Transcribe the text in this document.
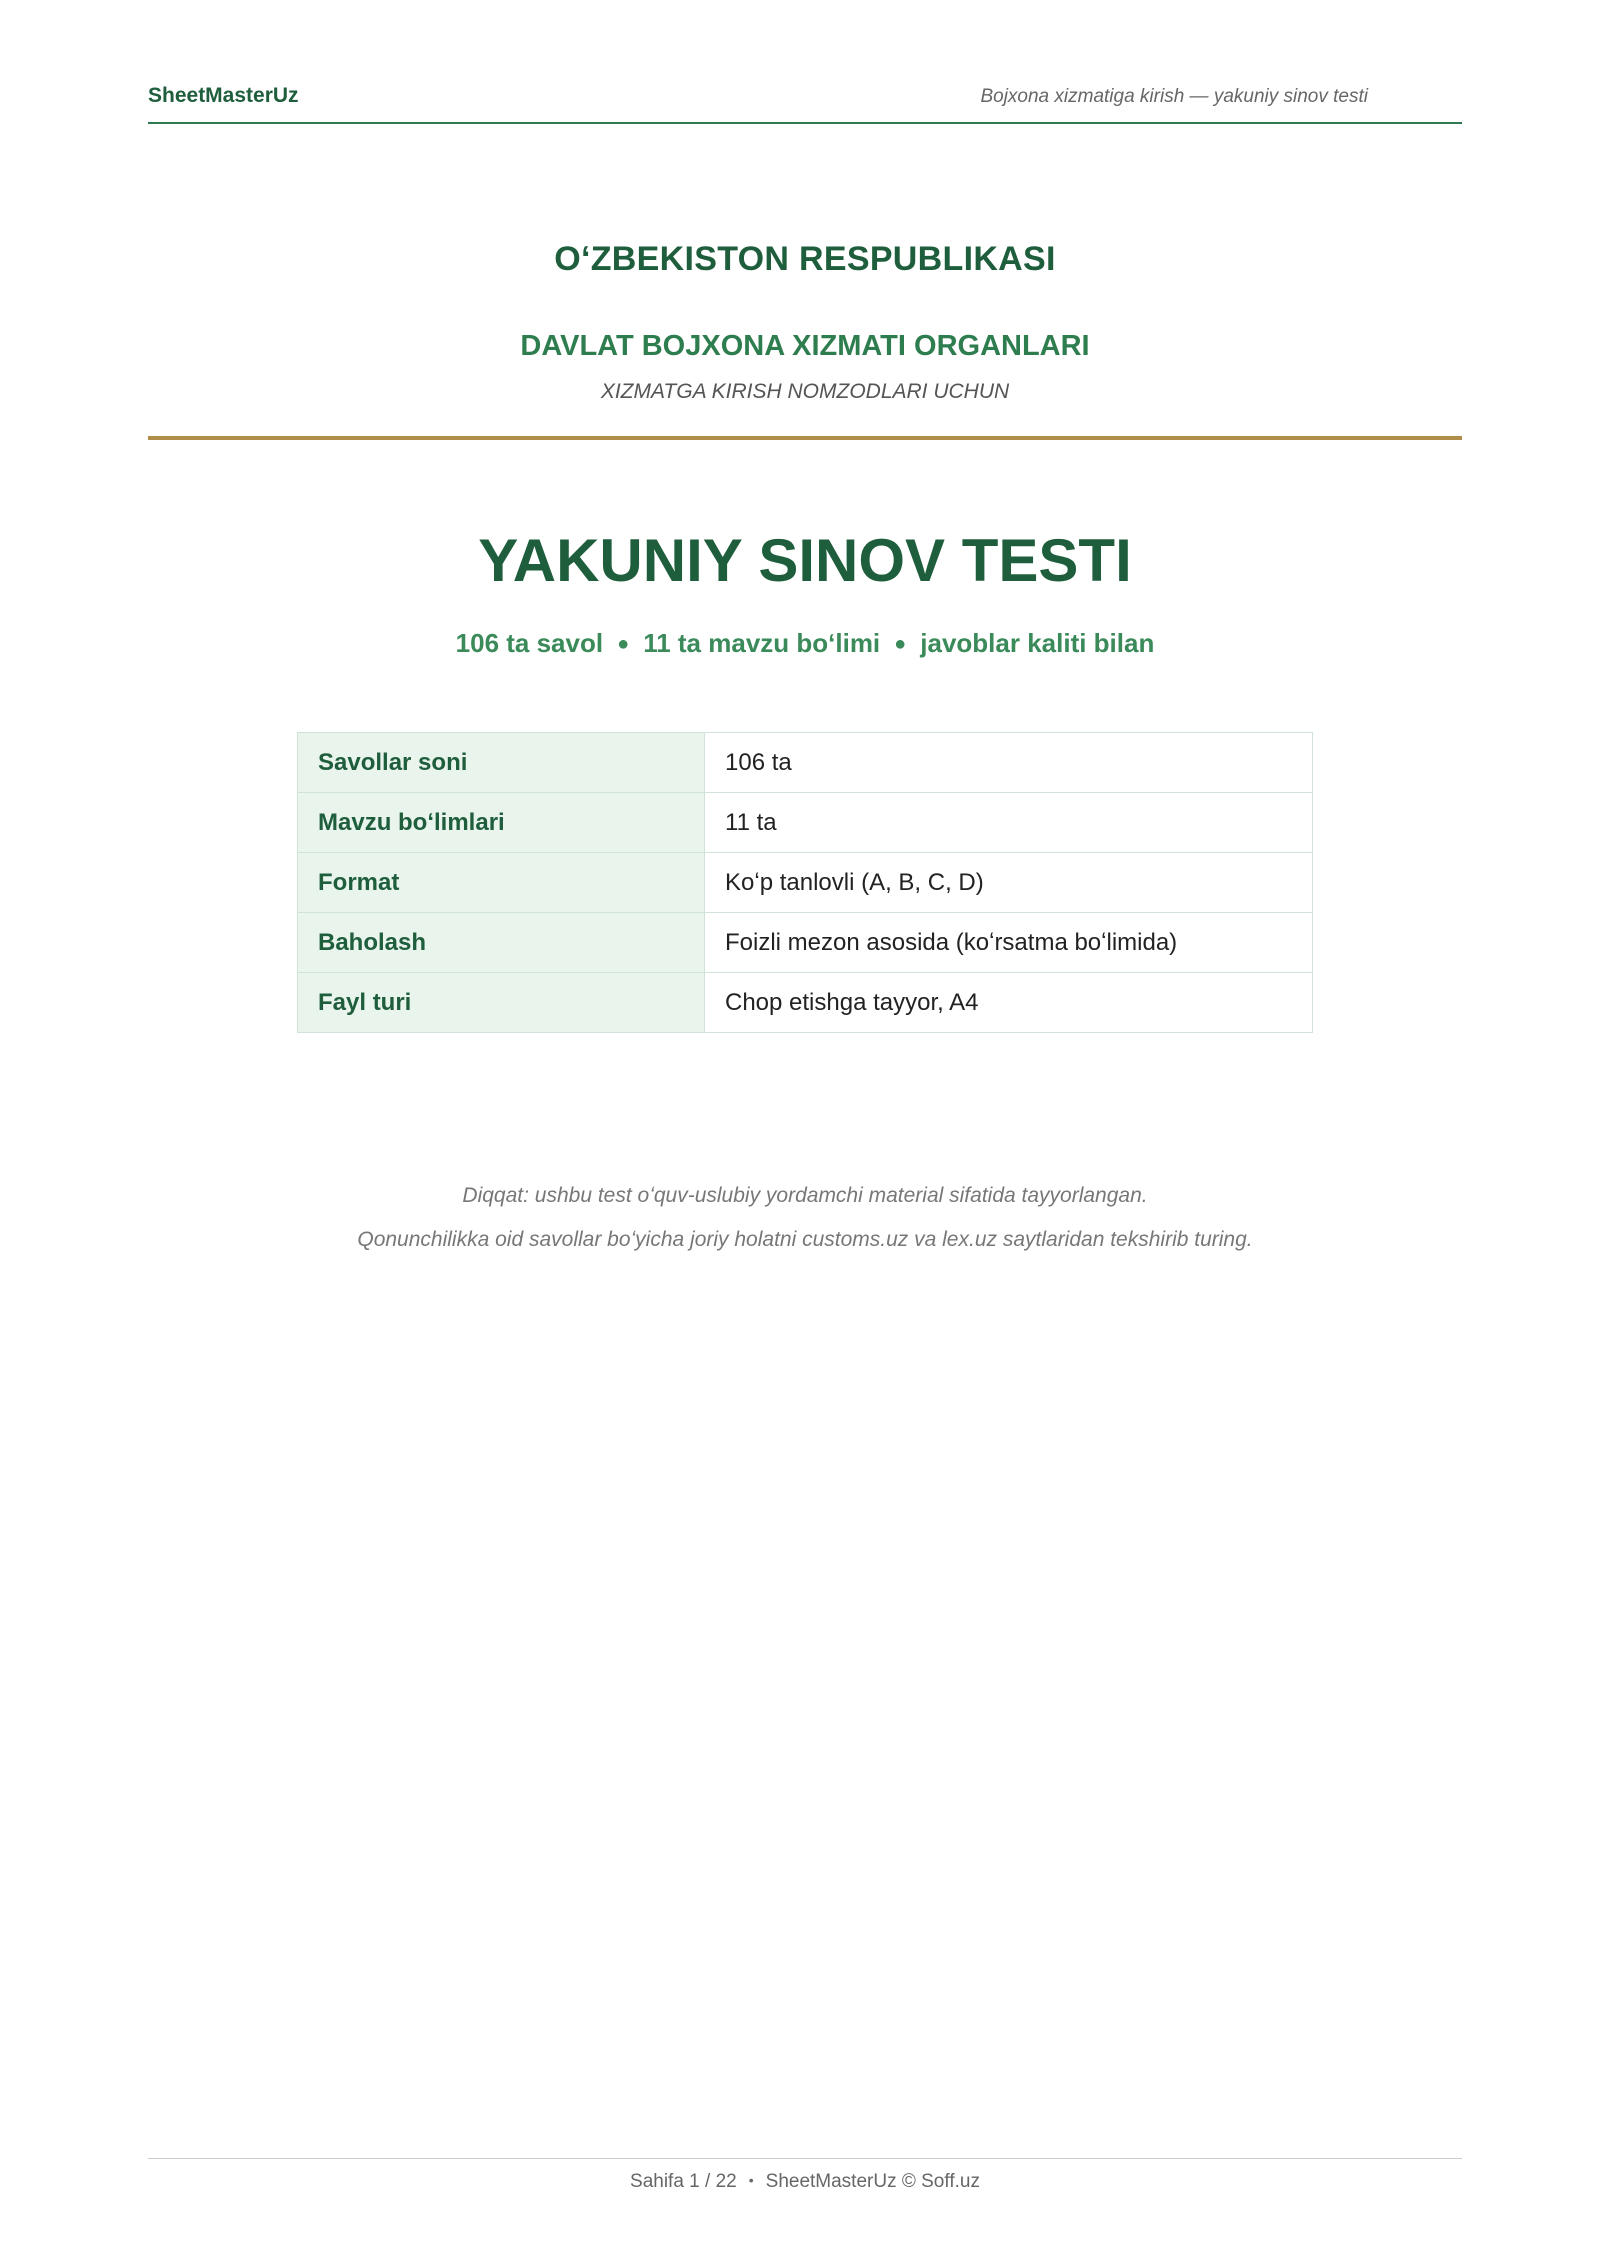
SheetMasterUz	Bojxona xizmatiga kirish — yakuniy sinov testi
OʻZBEKISTON RESPUBLIKASI
DAVLAT BOJXONA XIZMATI ORGANLARI
XIZMATGA KIRISH NOMZODLARI UCHUN
YAKUNIY SINOV TESTI
106 ta savol ● 11 ta mavzu boʻlimi ● javoblar kaliti bilan
Savollar soni	106 ta
Mavzu boʻlimlari	11 ta
Format	Koʻp tanlovli (A, B, C, D)
Baholash	Foizli mezon asosida (koʻrsatma boʻlimida)
Fayl turi	Chop etishga tayyor, A4
Diqqat: ushbu test oʻquv-uslubiy yordamchi material sifatida tayyorlangan.
Qonunchilikka oid savollar boʻyicha joriy holatni customs.uz va lex.uz saytlaridan tekshirib turing.
Sahifa 1 / 22 • SheetMasterUz © Soff.uz
